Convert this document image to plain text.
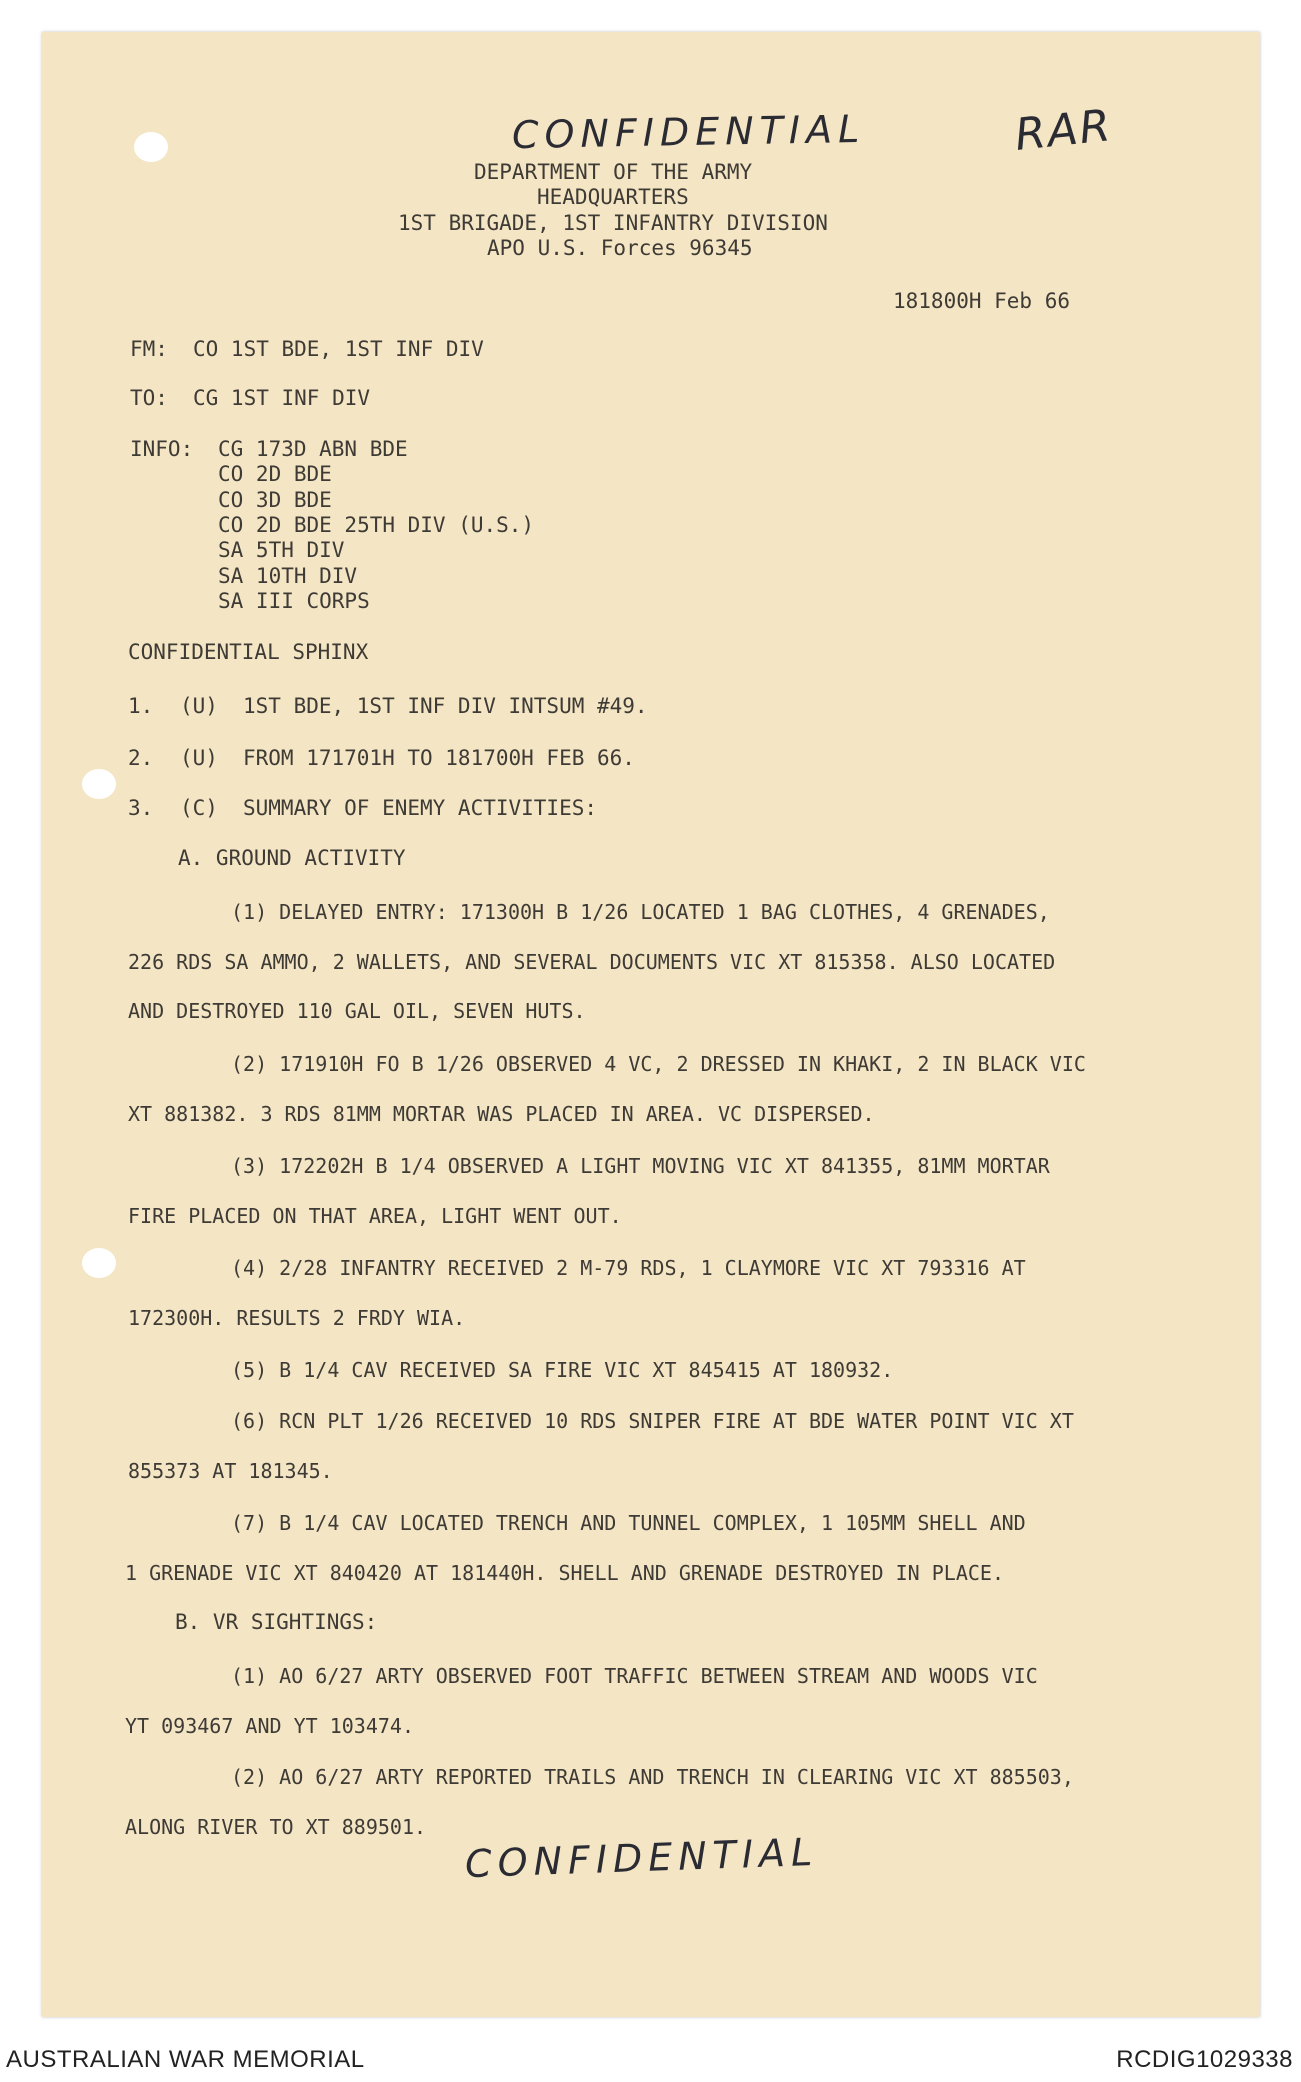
CONFIDENTIAL	RAR
DEPARTMENT OF THE ARMY
HEADQUARTERS
1ST BRIGADE, 1ST INFANTRY DIVISION
APO U.S. Forces 96345
181800H Feb 66
FM: CO 1ST BDE, 1ST INF DIV
TO: CG 1ST INF DIV
INFO: CG 173D ABN BDE
CO 2D BDE
CO 3D BDE
CO 2D BDE 25TH DIV (U.S.)
SA 5TH DIV
SA 10TH DIV
SA III CORPS
CONFIDENTIAL SPHINX
1. (U) 1ST BDE, 1ST INF DIV INTSUM #49.
2. (U) FROM 171701H TO 181700H FEB 66.
3. (C) SUMMARY OF ENEMY ACTIVITIES:
A. GROUND ACTIVITY
(1) DELAYED ENTRY: 171300H B 1/26 LOCATED 1 BAG CLOTHES, 4 GRENADES,
226 RDS SA AMMO, 2 WALLETS, AND SEVERAL DOCUMENTS VIC XT 815358. ALSO LOCATED
AND DESTROYED 110 GAL OIL, SEVEN HUTS.
(2) 171910H FO B 1/26 OBSERVED 4 VC, 2 DRESSED IN KHAKI, 2 IN BLACK VIC
XT 881382. 3 RDS 81MM MORTAR WAS PLACED IN AREA. VC DISPERSED.
(3) 172202H B 1/4 OBSERVED A LIGHT MOVING VIC XT 841355, 81MM MORTAR
FIRE PLACED ON THAT AREA, LIGHT WENT OUT.
(4) 2/28 INFANTRY RECEIVED 2 M-79 RDS, 1 CLAYMORE VIC XT 793316 AT
172300H. RESULTS 2 FRDY WIA.
(5) B 1/4 CAV RECEIVED SA FIRE VIC XT 845415 AT 180932.
(6) RCN PLT 1/26 RECEIVED 10 RDS SNIPER FIRE AT BDE WATER POINT VIC XT
855373 AT 181345.
(7) B 1/4 CAV LOCATED TRENCH AND TUNNEL COMPLEX, 1 105MM SHELL AND
1 GRENADE VIC XT 840420 AT 181440H. SHELL AND GRENADE DESTROYED IN PLACE.
B. VR SIGHTINGS:
(1) AO 6/27 ARTY OBSERVED FOOT TRAFFIC BETWEEN STREAM AND WOODS VIC
YT 093467 AND YT 103474.
(2) AO 6/27 ARTY REPORTED TRAILS AND TRENCH IN CLEARING VIC XT 885503,
ALONG RIVER TO XT 889501.
CONFIDENTIAL
AUSTRALIAN WAR MEMORIAL	RCDIG1029338
